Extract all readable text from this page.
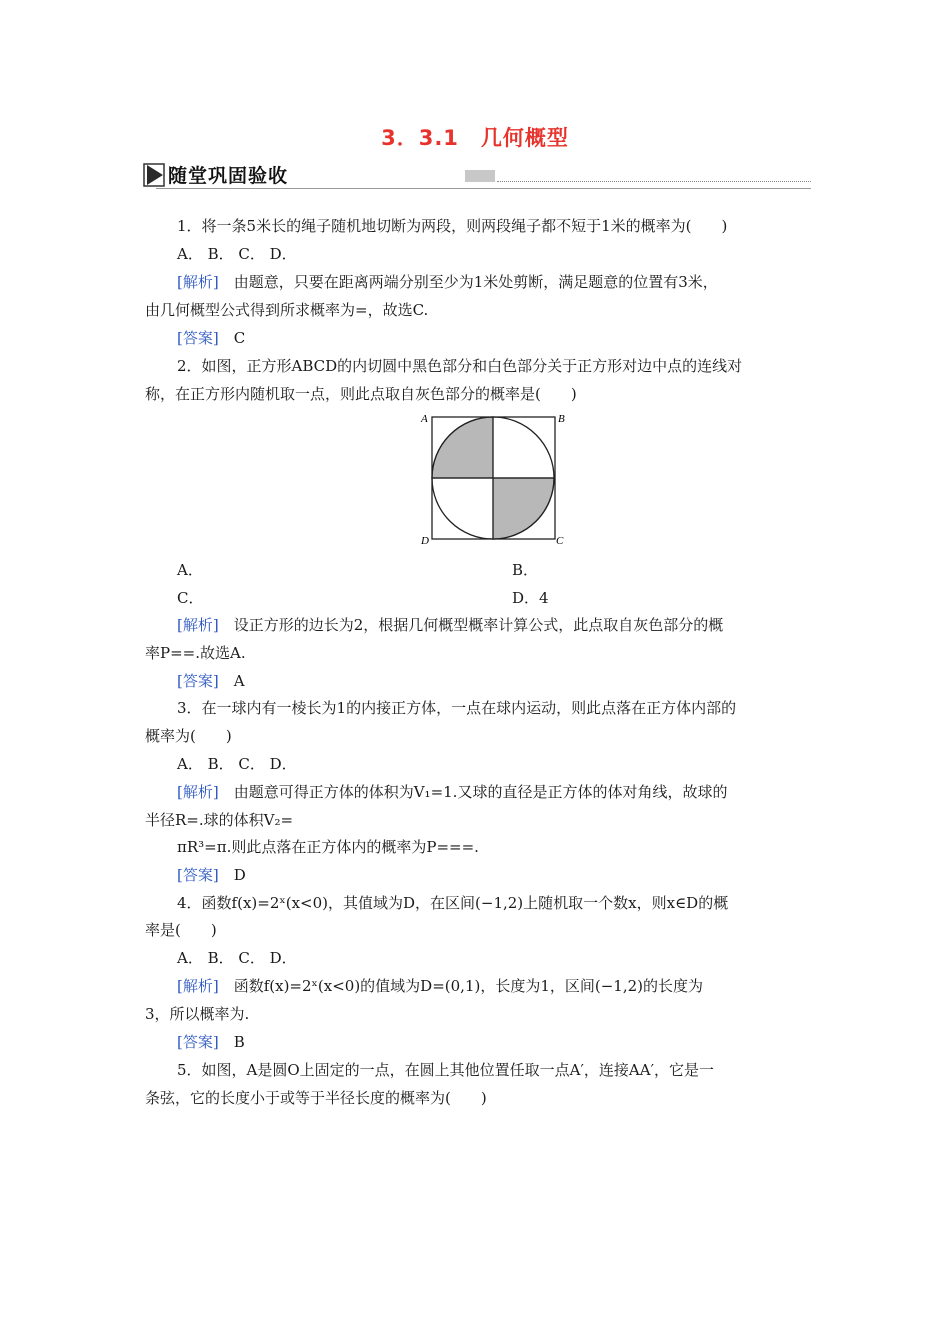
3．3.1　几何概型
随堂巩固验收
1．将一条5米长的绳子随机地切断为两段，则两段绳子都不短于1米的概率为(　　)
A． B． C． D．
[解析]　由题意，只要在距离两端分别至少为1米处剪断，满足题意的位置有3米，
由几何概型公式得到所求概率为=，故选C.
[答案]　C
2．如图，正方形ABCD的内切圆中黑色部分和白色部分关于正方形对边中点的连线对
称，在正方形内随机取一点，则此点取自灰色部分的概率是(　　)
A	B
D	C
A．	B．
C．	D．4
[解析]　设正方形的边长为2，根据几何概型概率计算公式，此点取自灰色部分的概
率P==.故选A.
[答案]　A
3．在一球内有一棱长为1的内接正方体，一点在球内运动，则此点落在正方体内部的
概率为(　　)
A． B． C． D．
[解析]　由题意可得正方体的体积为V₁=1.又球的直径是正方体的体对角线，故球的
半径R=.球的体积V₂=
πR³=π.则此点落在正方体内的概率为P===.
[答案]　D
4．函数f(x)=2ˣ(x<0)，其值域为D，在区间(−1,2)上随机取一个数x，则x∈D的概
率是(　　)
A． B． C． D．
[解析]　函数f(x)=2ˣ(x<0)的值域为D=(0,1)，长度为1，区间(−1,2)的长度为
3，所以概率为.
[答案]　B
5．如图，A是圆O上固定的一点，在圆上其他位置任取一点A′，连接AA′，它是一
条弦，它的长度小于或等于半径长度的概率为(　　)
